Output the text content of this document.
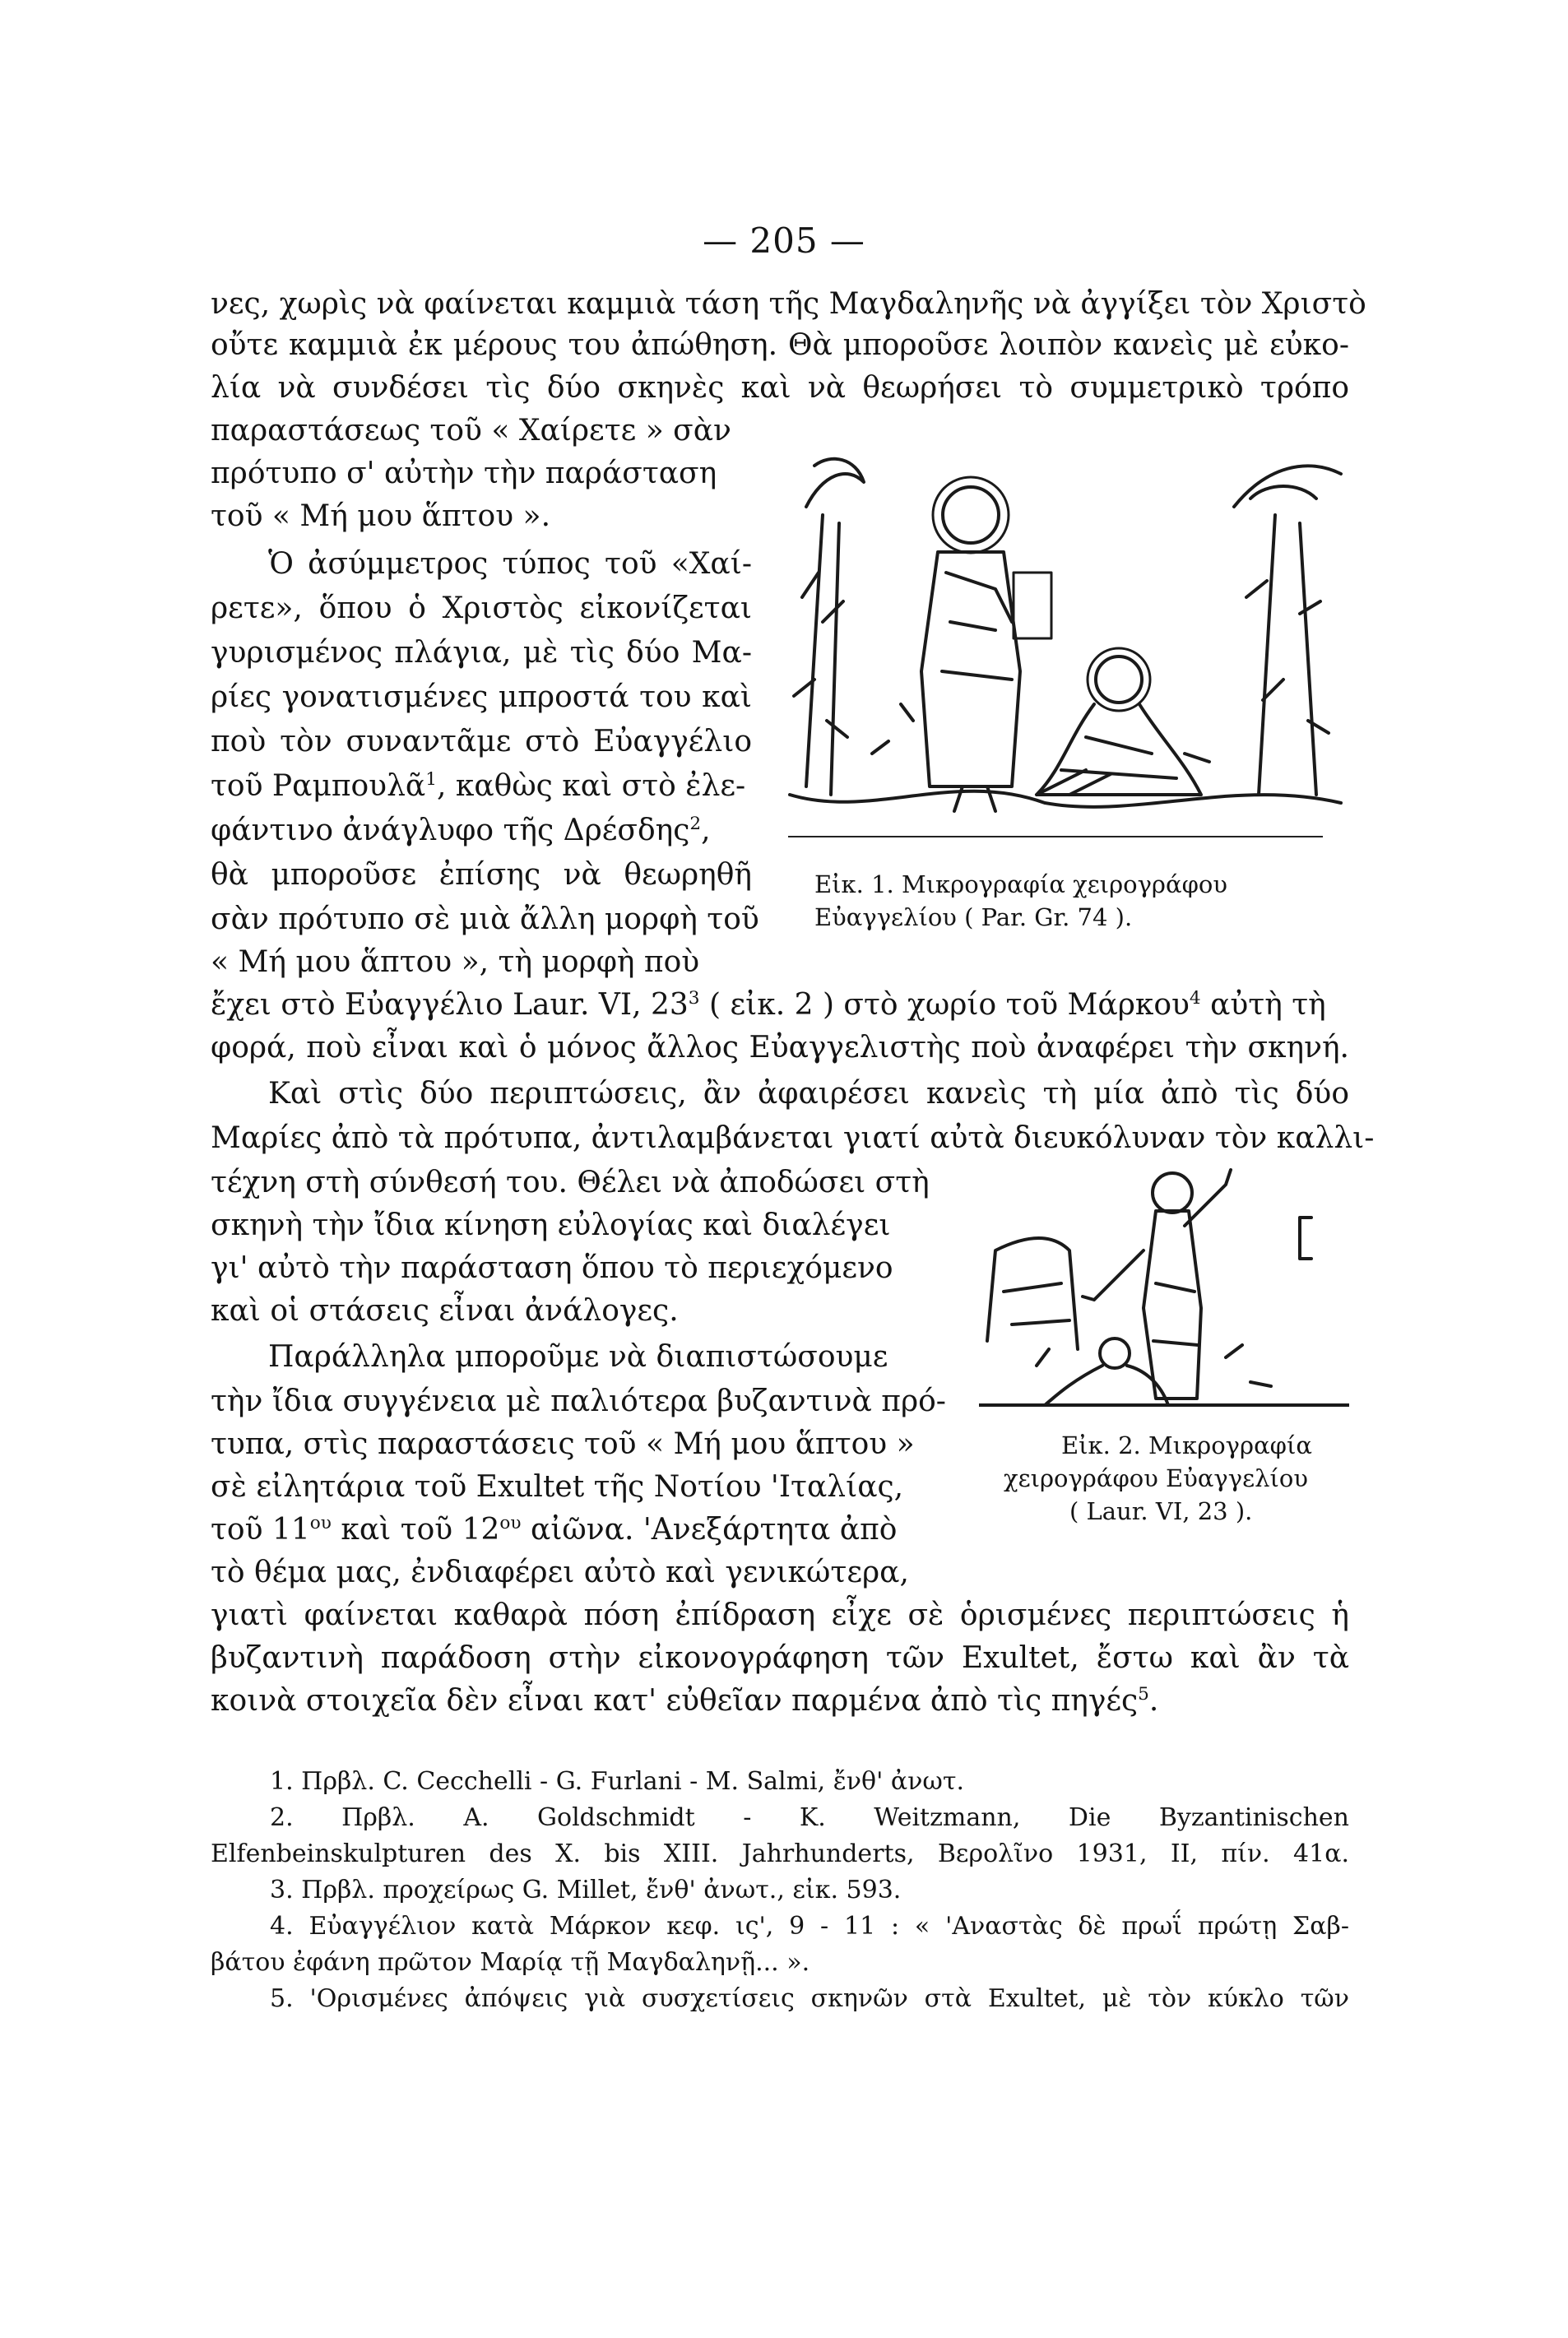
— 205 —
νες, χωρὶς νὰ φαίνεται καμμιὰ τάση τῆς Μαγδαληνῆς νὰ ἀγγίξει τὸν Χριστὸ
οὔτε καμμιὰ ἐκ μέρους του ἀπώθηση. Θὰ μποροῦσε λοιπὸν κανεὶς μὲ εὐκο-
λία νὰ συνδέσει τὶς δύο σκηνὲς καὶ νὰ θεωρήσει τὸ συμμετρικὸ τρόπο
παραστάσεως τοῦ « Χαίρετε » σὰν
πρότυπο σ' αὐτὴν τὴν παράσταση
τοῦ « Μή μου ἅπτου ».
Ὁ ἀσύμμετρος τύπος τοῦ «Χαί-
ρετε», ὅπου ὁ Χριστὸς εἰκονίζεται
γυρισμένος πλάγια, μὲ τὶς δύο Μα-
ρίες γονατισμένες μπροστά του καὶ
ποὺ τὸν συναντᾶμε στὸ Εὐαγγέλιο
τοῦ Ραμπουλᾶ$^1$, καθὼς καὶ στὸ ἐλε-
φάντινο ἀνάγλυφο τῆς Δρέσδης$^2$,
θὰ μποροῦσε ἐπίσης νὰ θεωρηθῆ
σὰν πρότυπο σὲ μιὰ ἄλλη μορφὴ τοῦ
« Μή μου ἅπτου », τὴ μορφὴ ποὺ
ἔχει στὸ Εὐαγγέλιο Laur. VI, $23^3$ ( εἰκ. 2 ) στὸ χωρίο τοῦ Μάρκου$^4$ αὐτὴ τὴ
φορά, ποὺ εἶναι καὶ ὁ μόνος ἄλλος Εὐαγγελιστὴς ποὺ ἀναφέρει τὴν σκηνή.
Καὶ στὶς δύο περιπτώσεις, ἂν ἀφαιρέσει κανεὶς τὴ μία ἀπὸ τὶς δύο
Μαρίες ἀπὸ τὰ πρότυπα, ἀντιλαμβάνεται γιατί αὐτὰ διευκόλυναν τὸν καλλι-
τέχνη στὴ σύνθεσή του. Θέλει νὰ ἀποδώσει στὴ
σκηνὴ τὴν ἴδια κίνηση εὐλογίας καὶ διαλέγει
γι' αὐτὸ τὴν παράσταση ὅπου τὸ περιεχόμενο
καὶ οἱ στάσεις εἶναι ἀνάλογες.
Παράλληλα μποροῦμε νὰ διαπιστώσουμε
τὴν ἴδια συγγένεια μὲ παλιότερα βυζαντινὰ πρό-
τυπα, στὶς παραστάσεις τοῦ « Μή μου ἅπτου »
σὲ εἰλητάρια τοῦ Exultet τῆς Νοτίου 'Ιταλίας,
τοῦ $11^{o\upsilon}$ καὶ τοῦ $12^{o\upsilon}$ αἰῶνα. 'Ανεξάρτητα ἀπὸ
τὸ θέμα μας, ἐνδιαφέρει αὐτὸ καὶ γενικώτερα,
γιατὶ φαίνεται καθαρὰ πόση ἐπίδραση εἶχε σὲ ὁρισμένες περιπτώσεις ἡ
βυζαντινὴ παράδοση στὴν εἰκονογράφηση τῶν Exultet, ἔστω καὶ ἂν τὰ
κοινὰ στοιχεῖα δὲν εἶναι κατ' εὐθεῖαν παρμένα ἀπὸ τὶς πηγές$^5$.
Εἰκ. 1. Μικρογραφία χειρογράφου
Εὐαγγελίου ( Par. Gr. 74 ).
Εἰκ. 2. Μικρογραφία
χειρογράφου Εὐαγγελίου
( Laur. VI, 23 ).
1. Πρβλ. C. Cecchelli - G. Furlani - M. Salmi, ἔνθ' ἀνωτ.
2. Πρβλ. A. Goldschmidt - K. Weitzmann, Die Byzantinischen
Elfenbeinskulpturen des X. bis XIII. Jahrhunderts, Βερολῖνο 1931, II, πίν. 41α.
3. Πρβλ. προχείρως G. Millet, ἔνθ' ἀνωτ., εἰκ. 593.
4. Εὐαγγέλιον κατὰ Μάρκον κεφ. ις', 9 - 11 : « 'Αναστὰς δὲ πρωΐ πρώτῃ Σαβ-
βάτου ἐφάνη πρῶτον Μαρίᾳ τῇ Μαγδαληνῇ... ».
5. 'Ορισμένες ἀπόψεις γιὰ συσχετίσεις σκηνῶν στὰ Exultet, μὲ τὸν κύκλο τῶν
